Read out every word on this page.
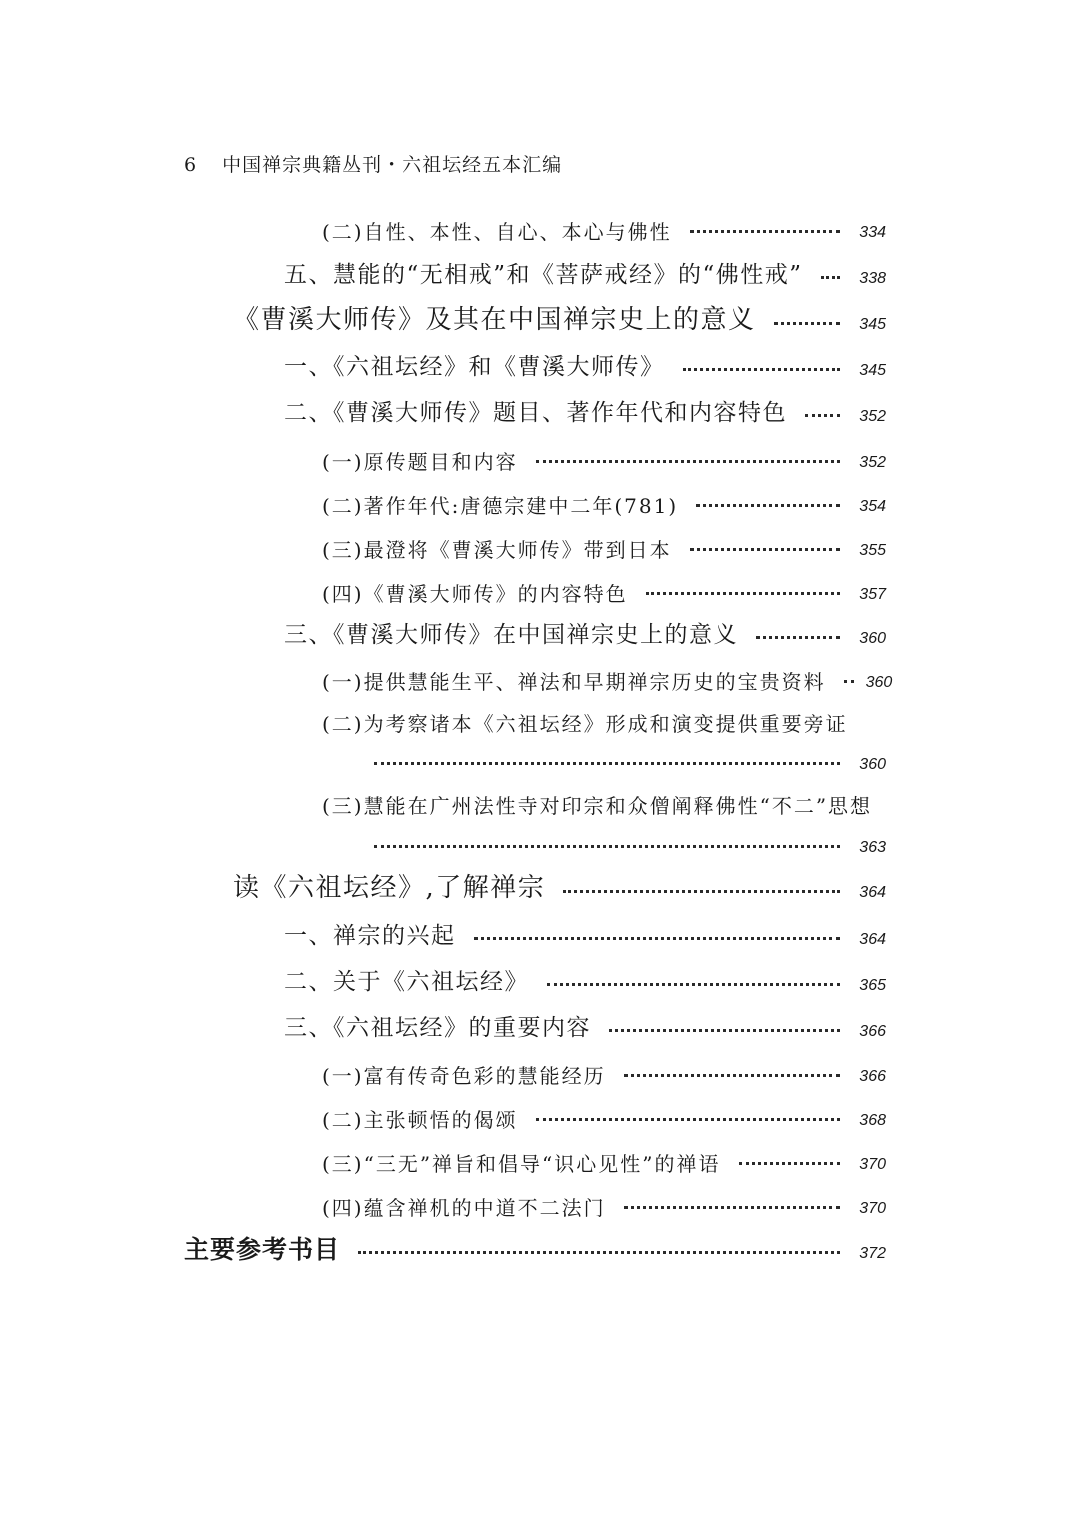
6 中国禅宗典籍丛刊・六祖坛经五本汇编
(二)自性、本性、自心、本心与佛性	334
五、慧能的“无相戒”和《菩萨戒经》的“佛性戒”	338
《曹溪大师传》及其在中国禅宗史上的意义	345
一、《六祖坛经》和《曹溪大师传》	345
二、《曹溪大师传》题目、著作年代和内容特色	352
(一)原传题目和内容	352
(二)著作年代:唐德宗建中二年(781)	354
(三)最澄将《曹溪大师传》带到日本	355
(四)《曹溪大师传》的内容特色	357
三、《曹溪大师传》在中国禅宗史上的意义	360
(一)提供慧能生平、禅法和早期禅宗历史的宝贵资料	360
(二)为考察诸本《六祖坛经》形成和演变提供重要旁证
360
(三)慧能在广州法性寺对印宗和众僧阐释佛性“不二”思想
363
读《六祖坛经》,了解禅宗	364
一、禅宗的兴起	364
二、关于《六祖坛经》	365
三、《六祖坛经》的重要内容	366
(一)富有传奇色彩的慧能经历	366
(二)主张顿悟的偈颂	368
(三)“三无”禅旨和倡导“识心见性”的禅语	370
(四)蕴含禅机的中道不二法门	370
主要参考书目	372
